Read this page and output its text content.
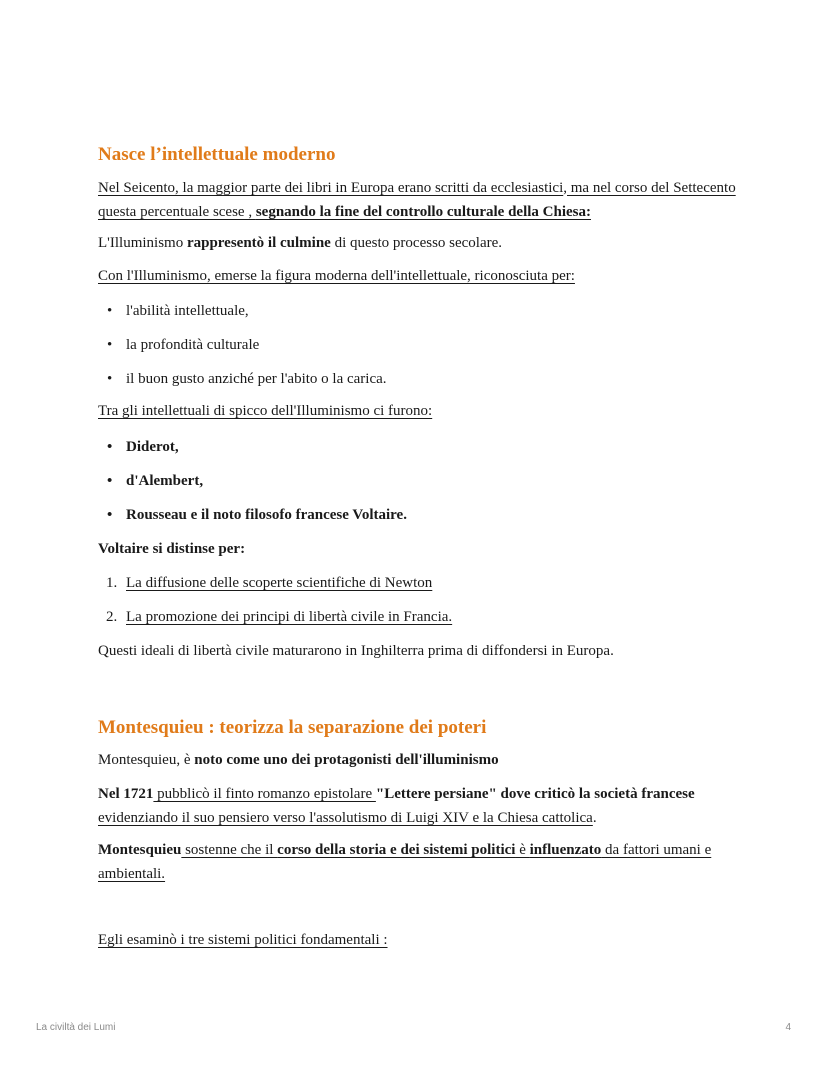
Nasce l’intellettuale moderno

Nel Seicento, la maggior parte dei libri in Europa erano scritti da ecclesiastici, ma nel corso del Settecento questa percentuale scese , segnando la fine del controllo culturale della Chiesa:

L'Illuminismo rappresentò il culmine di questo processo secolare.

Con l'Illuminismo, emerse la figura moderna dell'intellettuale, riconosciuta per:

• l'abilità intellettuale,
• la profondità culturale
• il buon gusto anziché per l'abito o la carica.

Tra gli intellettuali di spicco dell'Illuminismo ci furono:

• Diderot,
• d'Alembert,
• Rousseau e il noto filosofo francese Voltaire.

Voltaire si distinse per:

1. La diffusione delle scoperte scientifiche di Newton
2. La promozione dei principi di libertà civile in Francia.

Questi ideali di libertà civile maturarono in Inghilterra prima di diffondersi in Europa.

Montesquieu : teorizza la separazione dei poteri

Montesquieu, è noto come uno dei protagonisti dell'illuminismo

Nel 1721 pubblicò il finto romanzo epistolare "Lettere persiane" dove criticò la società francese evidenziando il suo pensiero verso l'assolutismo di Luigi XIV e la Chiesa cattolica.

Montesquieu sostenne che il corso della storia e dei sistemi politici è influenzato da fattori umani e ambientali.

Egli esaminò i tre sistemi politici fondamentali :

La civiltà dei Lumi	4
